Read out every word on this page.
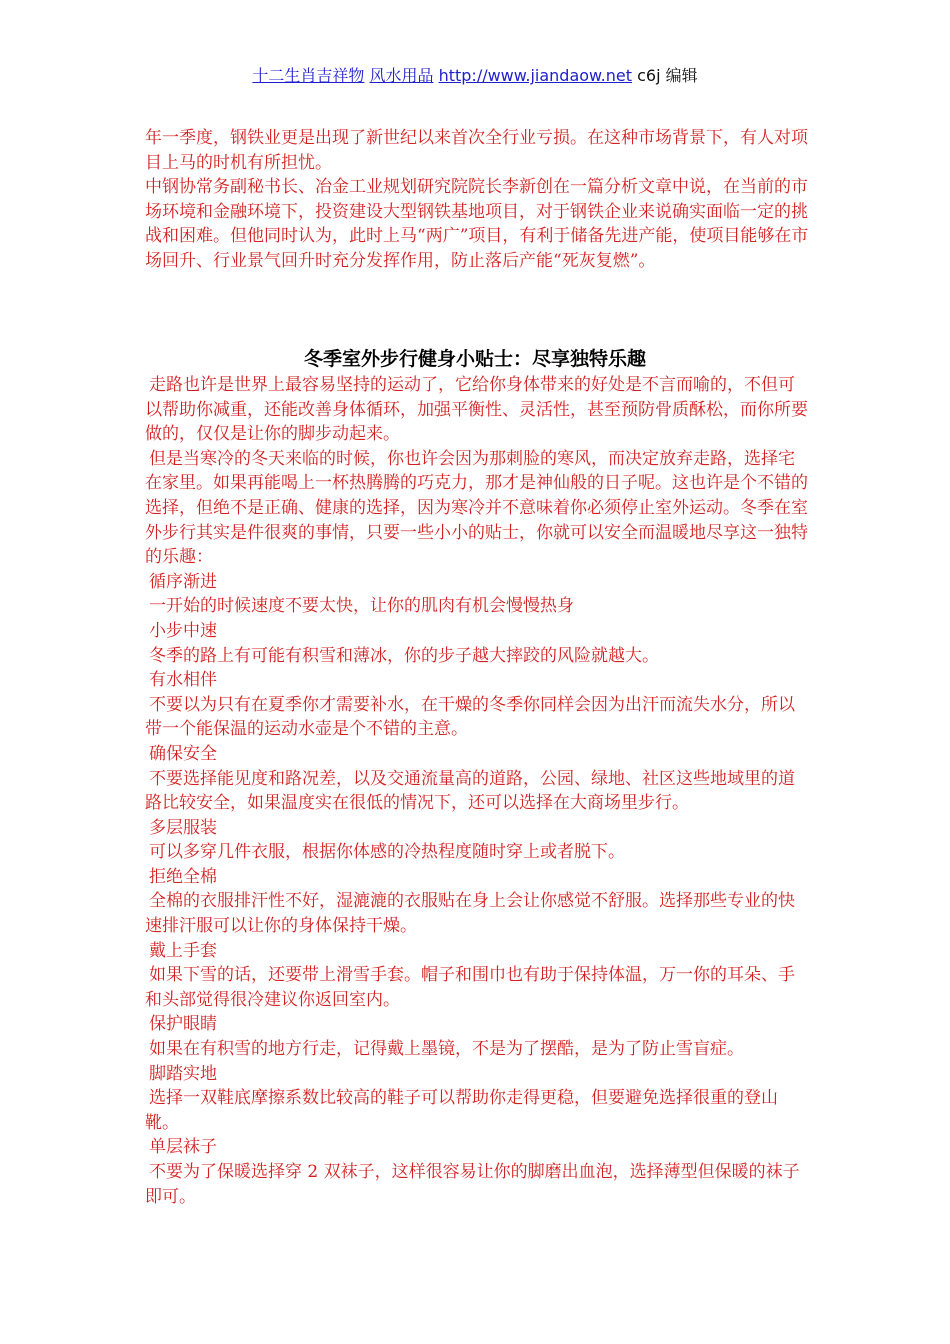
十二生肖吉祥物 风水用品 http://www.jiandaow.net c6j 编辑

年一季度，钢铁业更是出现了新世纪以来首次全行业亏损。在这种市场背景下，有人对项目上马的时机有所担忧。

中钢协常务副秘书长、冶金工业规划研究院院长李新创在一篇分析文章中说，在当前的市场环境和金融环境下，投资建设大型钢铁基地项目，对于钢铁企业来说确实面临一定的挑战和困难。但他同时认为，此时上马“两广”项目，有利于储备先进产能，使项目能够在市场回升、行业景气回升时充分发挥作用，防止落后产能“死灰复燃”。

冬季室外步行健身小贴士：尽享独特乐趣

走路也许是世界上最容易坚持的运动了，它给你身体带来的好处是不言而喻的，不但可以帮助你减重，还能改善身体循环，加强平衡性、灵活性，甚至预防骨质酥松，而你所要做的，仅仅是让你的脚步动起来。

但是当寒冷的冬天来临的时候，你也许会因为那刺脸的寒风，而决定放弃走路，选择宅在家里。如果再能喝上一杯热腾腾的巧克力，那才是神仙般的日子呢。这也许是个不错的选择，但绝不是正确、健康的选择，因为寒冷并不意味着你必须停止室外运动。冬季在室外步行其实是件很爽的事情，只要一些小小的贴士，你就可以安全而温暖地尽享这一独特的乐趣：

循序渐进

一开始的时候速度不要太快，让你的肌肉有机会慢慢热身

小步中速

冬季的路上有可能有积雪和薄冰，你的步子越大摔跤的风险就越大。

有水相伴

不要以为只有在夏季你才需要补水，在干燥的冬季你同样会因为出汗而流失水分，所以带一个能保温的运动水壶是个不错的主意。

确保安全

不要选择能见度和路况差，以及交通流量高的道路，公园、绿地、社区这些地域里的道路比较安全，如果温度实在很低的情况下，还可以选择在大商场里步行。

多层服装

可以多穿几件衣服，根据你体感的冷热程度随时穿上或者脱下。

拒绝全棉

全棉的衣服排汗性不好，湿漉漉的衣服贴在身上会让你感觉不舒服。选择那些专业的快速排汗服可以让你的身体保持干燥。

戴上手套

如果下雪的话，还要带上滑雪手套。帽子和围巾也有助于保持体温，万一你的耳朵、手和头部觉得很冷建议你返回室内。

保护眼睛

如果在有积雪的地方行走，记得戴上墨镜，不是为了摆酷，是为了防止雪盲症。

脚踏实地

选择一双鞋底摩擦系数比较高的鞋子可以帮助你走得更稳，但要避免选择很重的登山靴。

单层袜子

不要为了保暖选择穿 2 双袜子，这样很容易让你的脚磨出血泡，选择薄型但保暖的袜子即可。
